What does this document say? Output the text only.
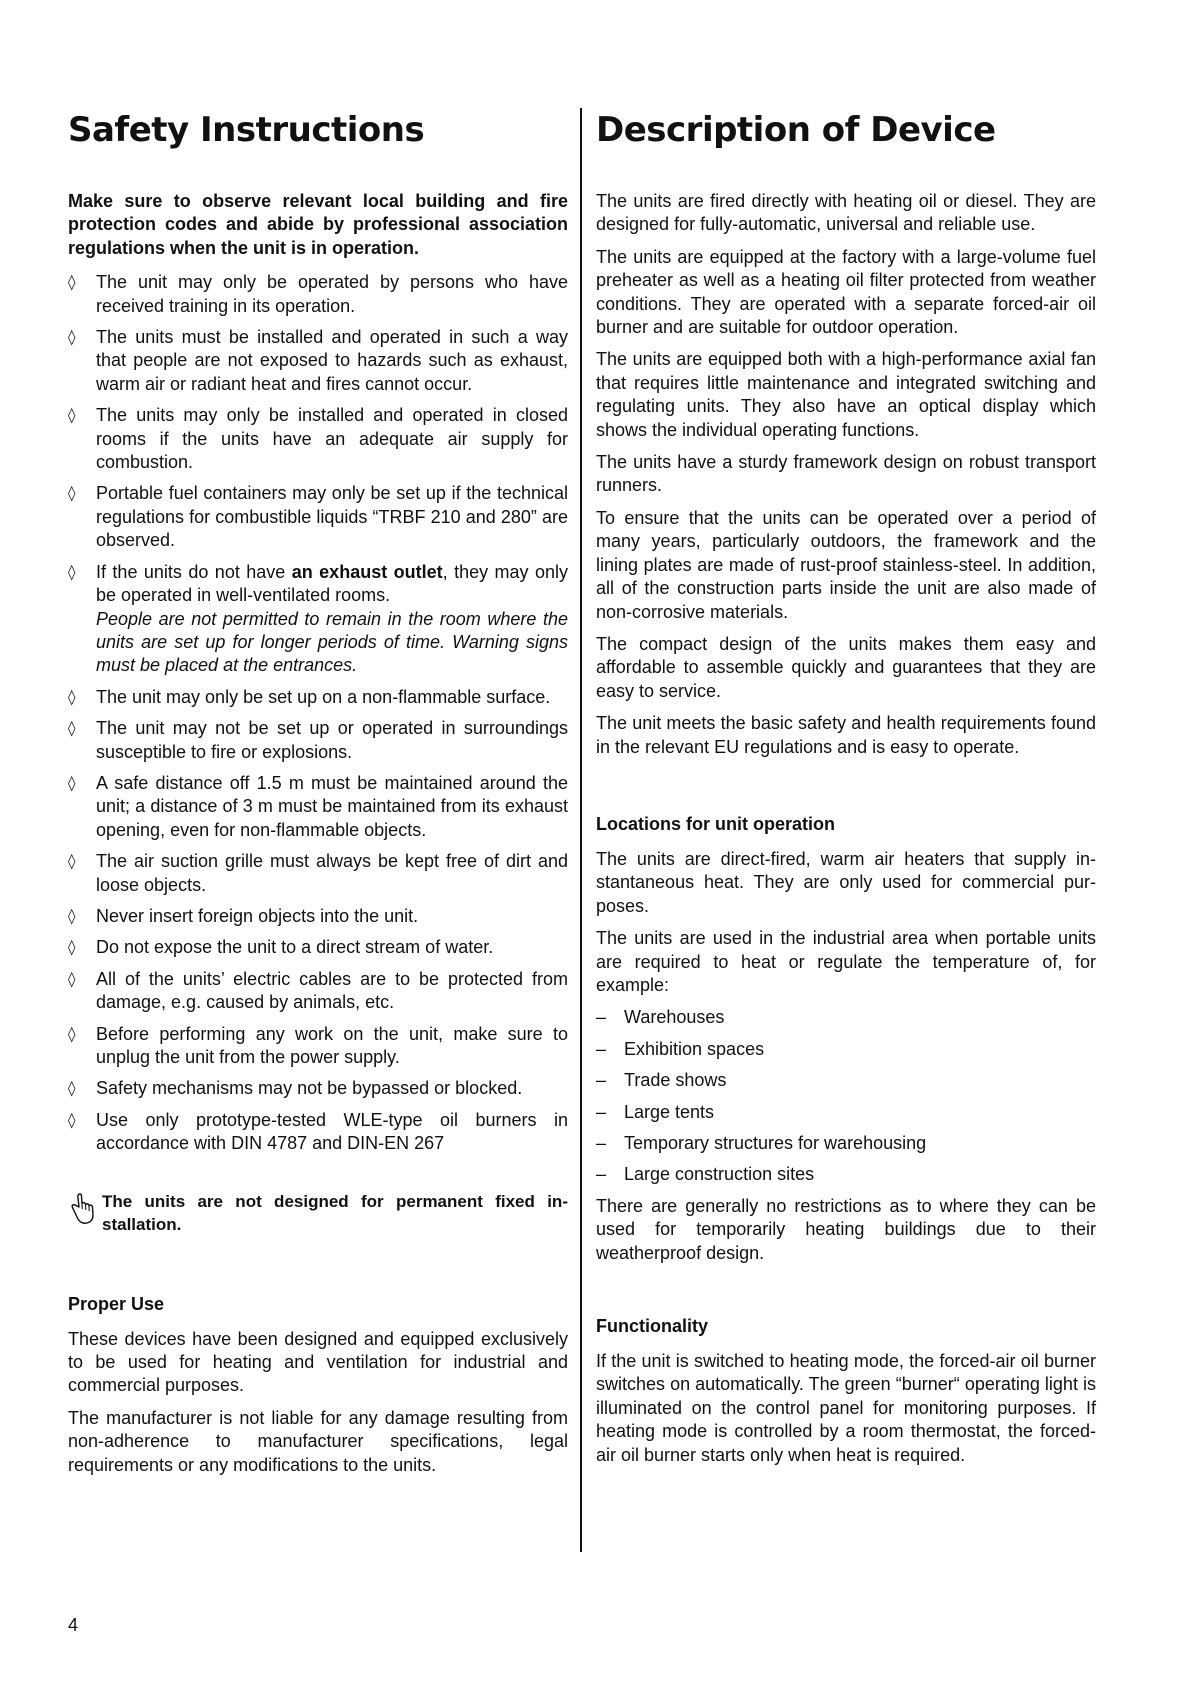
Safety Instructions

Make sure to observe relevant local building and fire protection codes and abide by professional association regulations when the unit is in operation.

◊ The unit may only be operated by persons who have received training in its operation.
◊ The units must be installed and operated in such a way that people are not exposed to hazards such as exhaust, warm air or radiant heat and fires cannot occur.
◊ The units may only be installed and operated in closed rooms if the units have an adequate air supply for combustion.
◊ Portable fuel containers may only be set up if the technical regulations for combustible liquids “TRBF 210 and 280” are observed.
◊ If the units do not have an exhaust outlet, they may only be operated in well-ventilated rooms.
People are not permitted to remain in the room where the units are set up for longer periods of time. Warning signs must be placed at the entrances.
◊ The unit may only be set up on a non-flammable surface.
◊ The unit may not be set up or operated in surroundings susceptible to fire or explosions.
◊ A safe distance off 1.5 m must be maintained around the unit; a distance of 3 m must be maintained from its exhaust opening, even for non-flammable objects.
◊ The air suction grille must always be kept free of dirt and loose objects.
◊ Never insert foreign objects into the unit.
◊ Do not expose the unit to a direct stream of water.
◊ All of the units’ electric cables are to be protected from damage, e.g. caused by animals, etc.
◊ Before performing any work on the unit, make sure to unplug the unit from the power supply.
◊ Safety mechanisms may not be bypassed or blocked.
◊ Use only prototype-tested WLE-type oil burners in accordance with DIN 4787 and DIN-EN 267
The units are not designed for permanent fixed installation.
Proper Use

These devices have been designed and equipped exclusively to be used for heating and ventilation for industrial and commercial purposes.

The manufacturer is not liable for any damage resulting from non-adherence to manufacturer specifications, legal requirements or any modifications to the units.

Description of Device

The units are fired directly with heating oil or diesel. They are designed for fully-automatic, universal and reliable use.

The units are equipped at the factory with a large-volume fuel preheater as well as a heating oil filter protected from weather conditions. They are operated with a separate forced-air oil burner and are suitable for outdoor operation.

The units are equipped both with a high-performance axial fan that requires little maintenance and integrated switching and regulating units. They also have an optical display which shows the individual operating functions.

The units have a sturdy framework design on robust transport runners.

To ensure that the units can be operated over a period of many years, particularly outdoors, the framework and the lining plates are made of rust-proof stainless-steel. In addition, all of the construction parts inside the unit are also made of non-corrosive materials.

The compact design of the units makes them easy and affordable to assemble quickly and guarantees that they are easy to service.

The unit meets the basic safety and health requirements found in the relevant EU regulations and is easy to operate.

Locations for unit operation

The units are direct-fired, warm air heaters that supply instantaneous heat. They are only used for commercial purposes.

The units are used in the industrial area when portable units are required to heat or regulate the temperature of, for example:

– Warehouses
– Exhibition spaces
– Trade shows
– Large tents
– Temporary structures for warehousing
– Large construction sites

There are generally no restrictions as to where they can be used for temporarily heating buildings due to their weatherproof design.

Functionality

If the unit is switched to heating mode, the forced-air oil burner switches on automatically. The green “burner“ operating light is illuminated on the control panel for monitoring purposes. If heating mode is controlled by a room thermostat, the forced-air oil burner starts only when heat is required.

4
